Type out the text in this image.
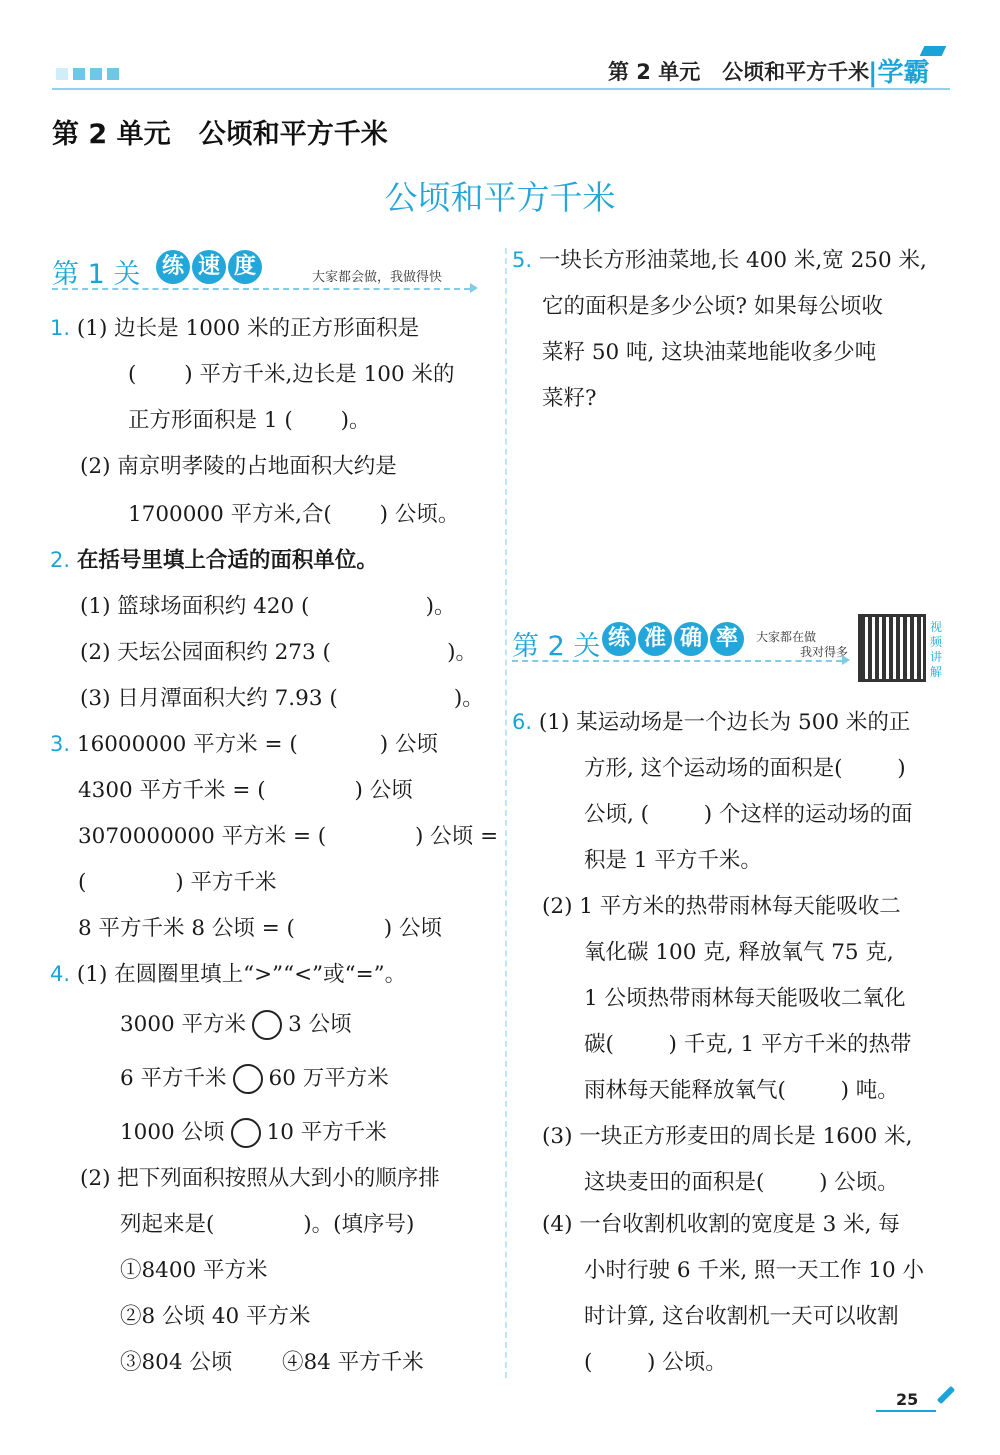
第 2 单元   公顷和平方千米
|学霸
第 2 单元   公顷和平方千米
公顷和平方千米
第 1 关 练 速 度	大家都会做，我做得快
1. (1) 边长是 1000 米的正方形面积是
(       ) 平方千米,边长是 100 米的
正方形面积是 1 (       )。
(2) 南京明孝陵的占地面积大约是
1700000 平方米,合(       ) 公顷。
2. 在括号里填上合适的面积单位。
(1) 篮球场面积约 420 (                 )。
(2) 天坛公园面积约 273 (                 )。
(3) 日月潭面积大约 7.93 (                 )。
3. 16000000 平方米 = (            ) 公顷
4300 平方千米 = (             ) 公顷
3070000000 平方米 = (             ) 公顷 =
(             ) 平方千米
8 平方千米 8 公顷 = (             ) 公顷
4. (1) 在圆圈里填上“>”“<”或“=”。
(2) 把下列面积按照从大到小的顺序排
列起来是(             )。(填序号)
①8400 平方米
②8 公顷 40 平方米
③804 公顷 ④84 平方千米
3000 平方米 3 公顷
6 平方千米 60 万平方米
1000 公顷 10 平方千米
5. 一块长方形油菜地,长 400 米,宽 250 米,
它的面积是多少公顷? 如果每公顷收
菜籽 50 吨, 这块油菜地能收多少吨
菜籽?
6. (1) 某运动场是一个边长为 500 米的正
方形, 这个运动场的面积是(        )
公顷, (        ) 个这样的运动场的面
积是 1 平方千米。
(2) 1 平方米的热带雨林每天能吸收二
氧化碳 100 克, 释放氧气 75 克,
1 公顷热带雨林每天能吸收二氧化
碳(        ) 千克, 1 平方千米的热带
雨林每天能释放氧气(        ) 吨。
(3) 一块正方形麦田的周长是 1600 米,
这块麦田的面积是(        ) 公顷。
(4) 一台收割机收割的宽度是 3 米, 每
小时行驶 6 千米, 照一天工作 10 小
时计算, 这台收割机一天可以收割
(        ) 公顷。
第 2 关 练 准 确 率	大家都在做
我对得多
视频讲解
25
